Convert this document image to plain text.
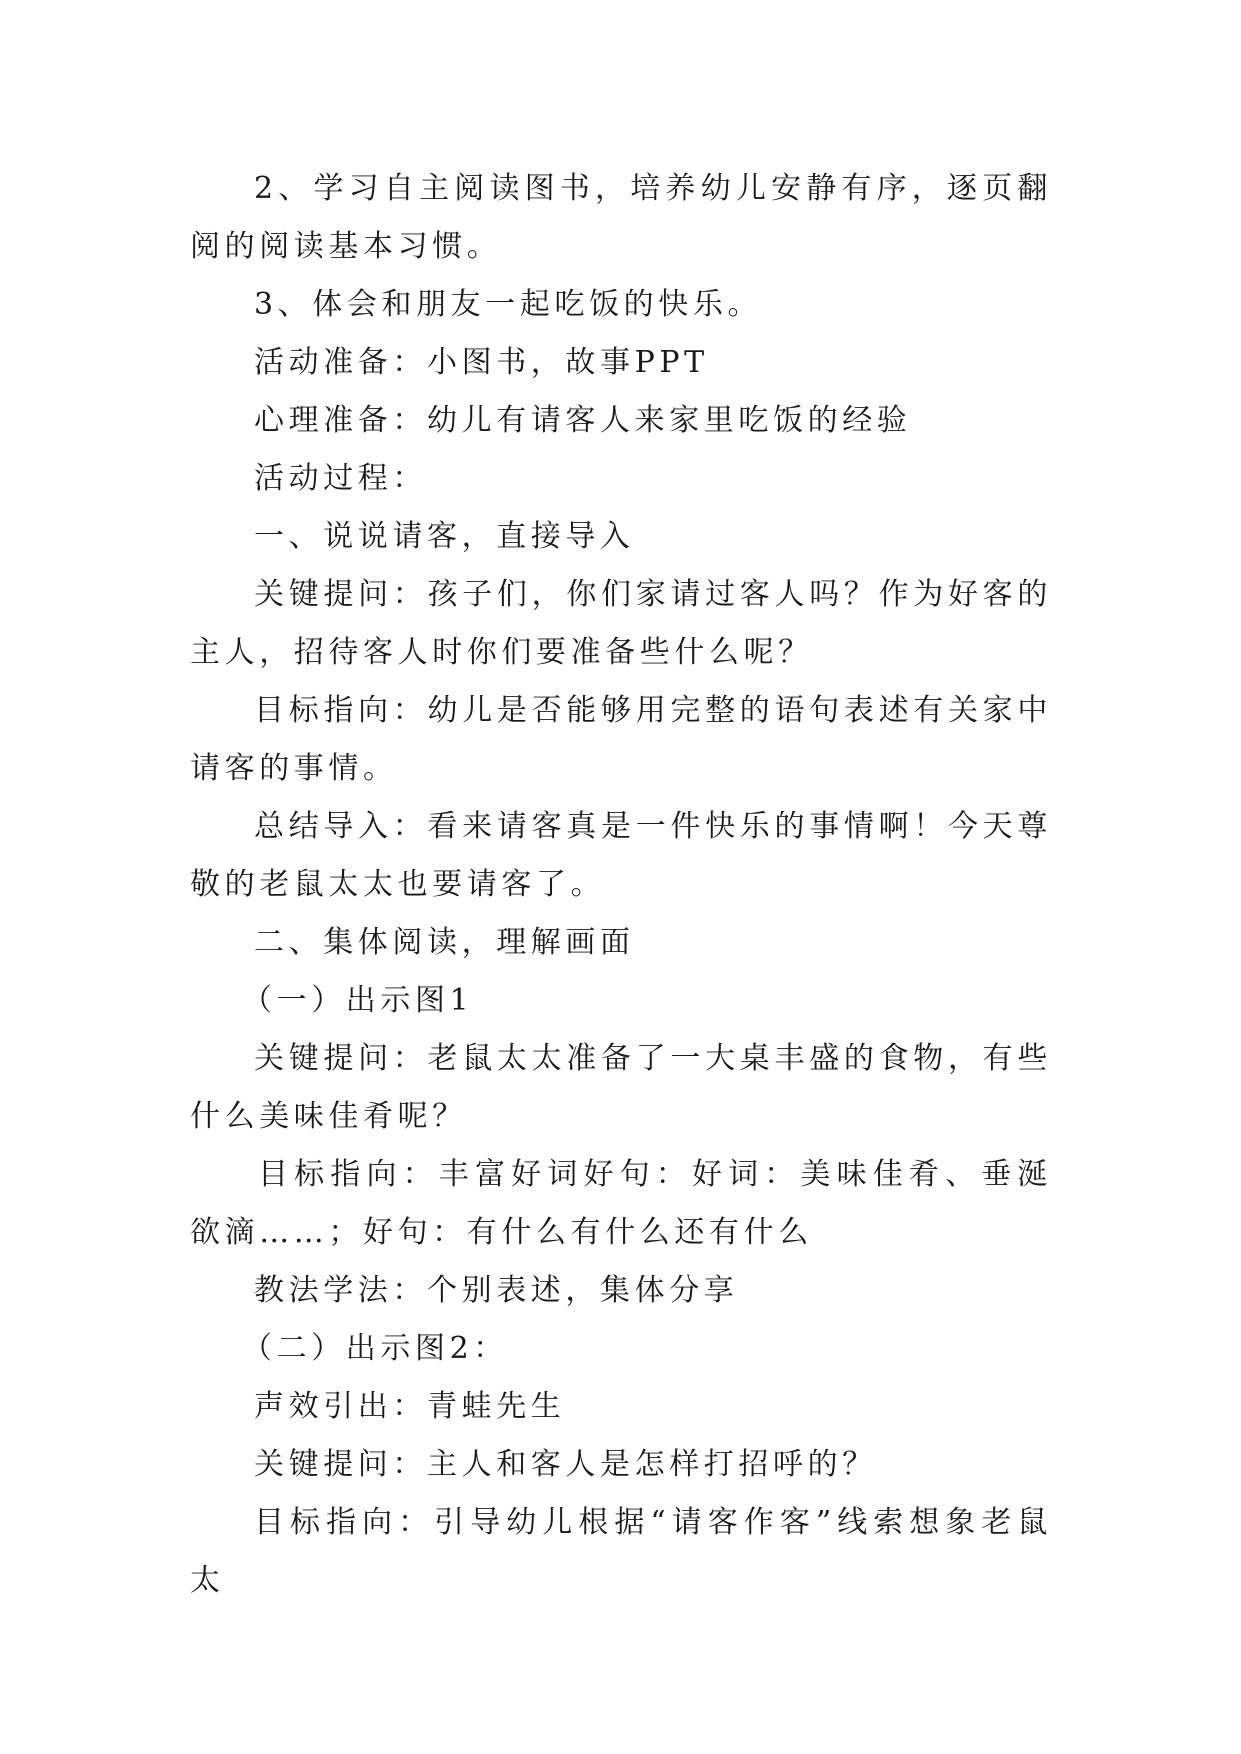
2、学习自主阅读图书，培养幼儿安静有序，逐页翻阅的阅读基本习惯。

3、体会和朋友一起吃饭的快乐。

活动准备：小图书，故事PPT

心理准备：幼儿有请客人来家里吃饭的经验

活动过程：

一、说说请客，直接导入

关键提问：孩子们，你们家请过客人吗？作为好客的主人，招待客人时你们要准备些什么呢？

目标指向：幼儿是否能够用完整的语句表述有关家中请客的事情。

总结导入：看来请客真是一件快乐的事情啊！今天尊敬的老鼠太太也要请客了。

二、集体阅读，理解画面

（一）出示图1

关键提问：老鼠太太准备了一大桌丰盛的食物，有些什么美味佳肴呢？

目标指向：丰富好词好句：好词：美味佳肴、垂涎欲滴……；好句：有什么有什么还有什么

教法学法：个别表述，集体分享

（二）出示图2：

声效引出：青蛙先生

关键提问：主人和客人是怎样打招呼的？

目标指向：引导幼儿根据“请客作客”线索想象老鼠太
